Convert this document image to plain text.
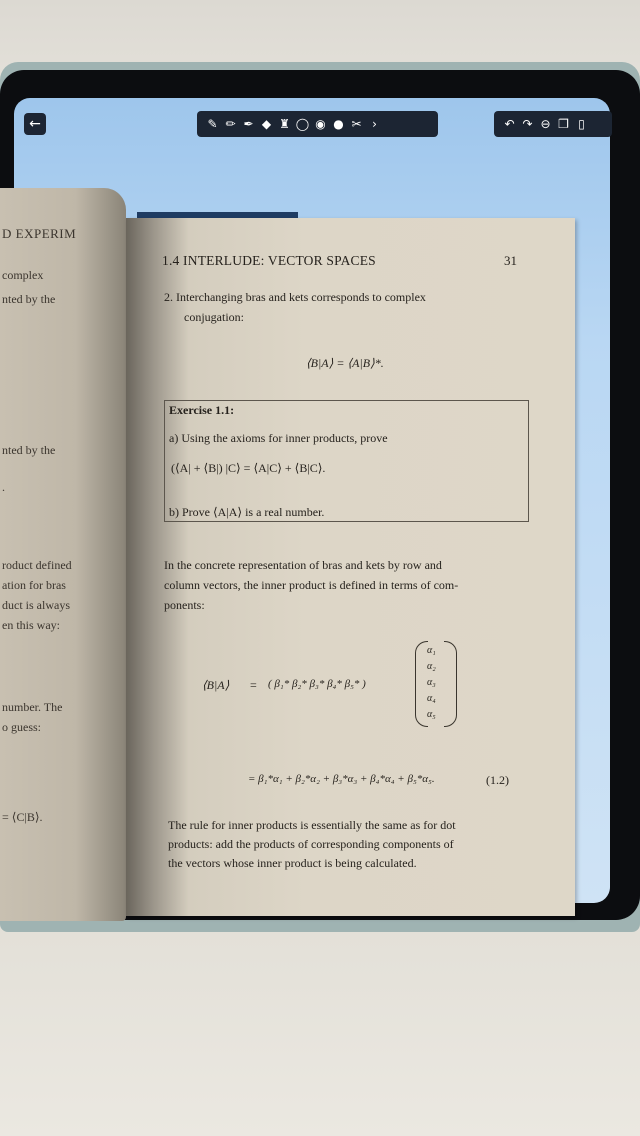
←	✎ ✏ ✒ ◆ ♜ ◯ ◉ ● ✂ ›	↶ ↷ ⊖ ❐ ▯
D EXPERIM
complex
nted by the
nted by the
.
roduct defined
ation for bras
duct is always
en this way:
number. The
o guess:
= ⟨C|B⟩.
1.4 INTERLUDE: VECTOR SPACES	31
2. Interchanging bras and kets corresponds to complex
conjugation:
⟨B|A⟩ = ⟨A|B⟩*.
Exercise 1.1:
a) Using the axioms for inner products, prove
(⟨A| + ⟨B|) |C⟩ = ⟨A|C⟩ + ⟨B|C⟩.
b) Prove ⟨A|A⟩ is a real number.
In the concrete representation of bras and kets by row and
column vectors, the inner product is defined in terms of com-
ponents:
⟨B|A⟩ = ( β₁* β₂* β₃* β₄* β₅* )
α₁
α₂
α₃
α₄
α₅
= β₁*α₁ + β₂*α₂ + β₃*α₃ + β₄*α₄ + β₅*α₅.	(1.2)
The rule for inner products is essentially the same as for dot
products: add the products of corresponding components of
the vectors whose inner product is being calculated.
